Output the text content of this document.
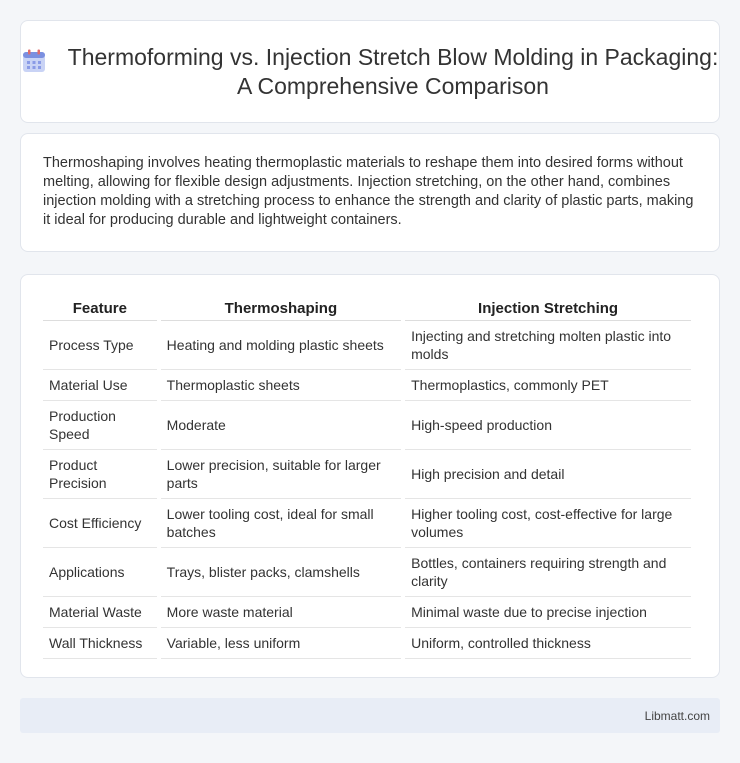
Thermoforming vs. Injection Stretch Blow Molding in Packaging: A Comprehensive Comparison

Thermoshaping involves heating thermoplastic materials to reshape them into desired forms without melting, allowing for flexible design adjustments. Injection stretching, on the other hand, combines injection molding with a stretching process to enhance the strength and clarity of plastic parts, making it ideal for producing durable and lightweight containers.

Feature	Thermoshaping	Injection Stretching
Process Type	Heating and molding plastic sheets	Injecting and stretching molten plastic into molds
Material Use	Thermoplastic sheets	Thermoplastics, commonly PET
Production Speed	Moderate	High-speed production
Product Precision	Lower precision, suitable for larger parts	High precision and detail
Cost Efficiency	Lower tooling cost, ideal for small batches	Higher tooling cost, cost-effective for large volumes
Applications	Trays, blister packs, clamshells	Bottles, containers requiring strength and clarity
Material Waste	More waste material	Minimal waste due to precise injection
Wall Thickness	Variable, less uniform	Uniform, controlled thickness
Libmatt.com
